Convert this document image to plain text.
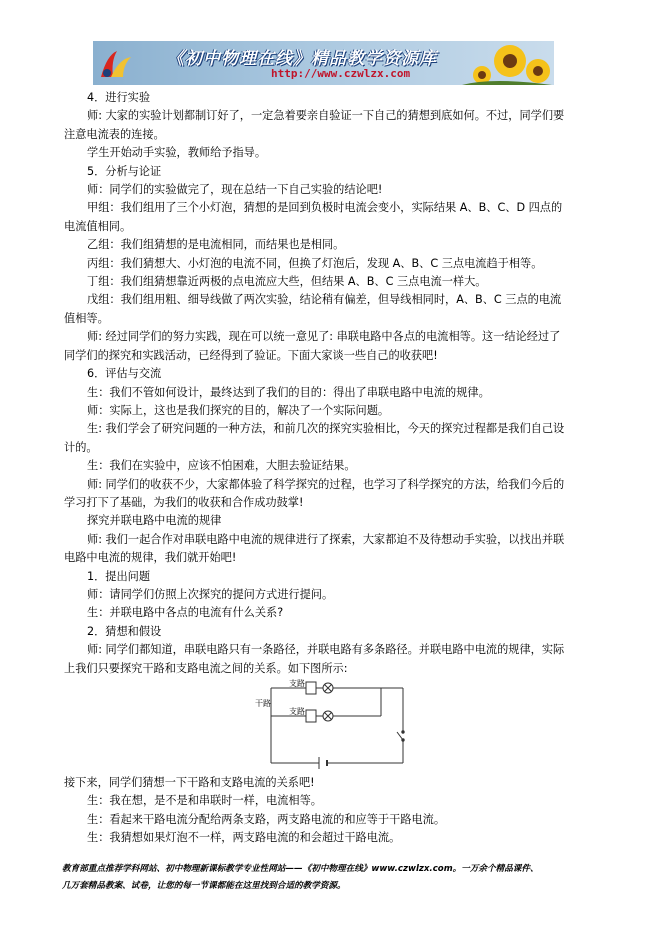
《初中物理在线》精品教学资源库
http://www.czwlzx.com
4．进行实验
师: 大家的实验计划都制订好了，一定急着要亲自验证一下自己的猜想到底如何。不过，同学们要
注意电流表的连接。
学生开始动手实验，教师给予指导。
5．分析与论证
师：同学们的实验做完了，现在总结一下自己实验的结论吧!
甲组：我们组用了三个小灯泡，猜想的是回到负极时电流会变小，实际结果 A、B、C、D 四点的
电流值相同。
乙组：我们组猜想的是电流相同，而结果也是相同。
丙组：我们猜想大、小灯泡的电流不同，但换了灯泡后，发现 A、B、C 三点电流趋于相等。
丁组：我们组猜想靠近两极的点电流应大些，但结果 A、B、C 三点电流一样大。
戊组：我们组用粗、细导线做了两次实验，结论稍有偏差，但导线相同时，A、B、C 三点的电流
值相等。
师: 经过同学们的努力实践，现在可以统一意见了: 串联电路中各点的电流相等。这一结论经过了
同学们的探究和实践活动，已经得到了验证。下面大家谈一些自己的收获吧!
6．评估与交流
生：我们不管如何设计，最终达到了我们的目的：得出了串联电路中电流的规律。
师：实际上，这也是我们探究的目的，解决了一个实际问题。
生: 我们学会了研究问题的一种方法，和前几次的探究实验相比，今天的探究过程都是我们自己设
计的。
生：我们在实验中，应该不怕困难，大胆去验证结果。
师: 同学们的收获不少，大家都体验了科学探究的过程，也学习了科学探究的方法，给我们今后的
学习打下了基础，为我们的收获和合作成功鼓掌!
探究并联电路中电流的规律
师: 我们一起合作对串联电路中电流的规律进行了探索，大家都迫不及待想动手实验，以找出并联
电路中电流的规律，我们就开始吧!
1．提出问题
师：请同学们仿照上次探究的提问方式进行提问。
生：并联电路中各点的电流有什么关系?
2．猜想和假设
师: 同学们都知道，串联电路只有一条路径，并联电路有多条路径。并联电路中电流的规律，实际
上我们只要探究干路和支路电流之间的关系。如下图所示:
支路
支路
干路
接下来，同学们猜想一下干路和支路电流的关系吧!
生：我在想，是不是和串联时一样，电流相等。
生：看起来干路电流分配给两条支路，两支路电流的和应等于干路电流。
生：我猜想如果灯泡不一样，两支路电流的和会超过干路电流。
教育部重点推荐学科网站、初中物理新课标教学专业性网站——《初中物理在线》www.czwlzx.com。一万余个精品课件、
几万套精品教案、试卷，让您的每一节课都能在这里找到合适的教学资源。
